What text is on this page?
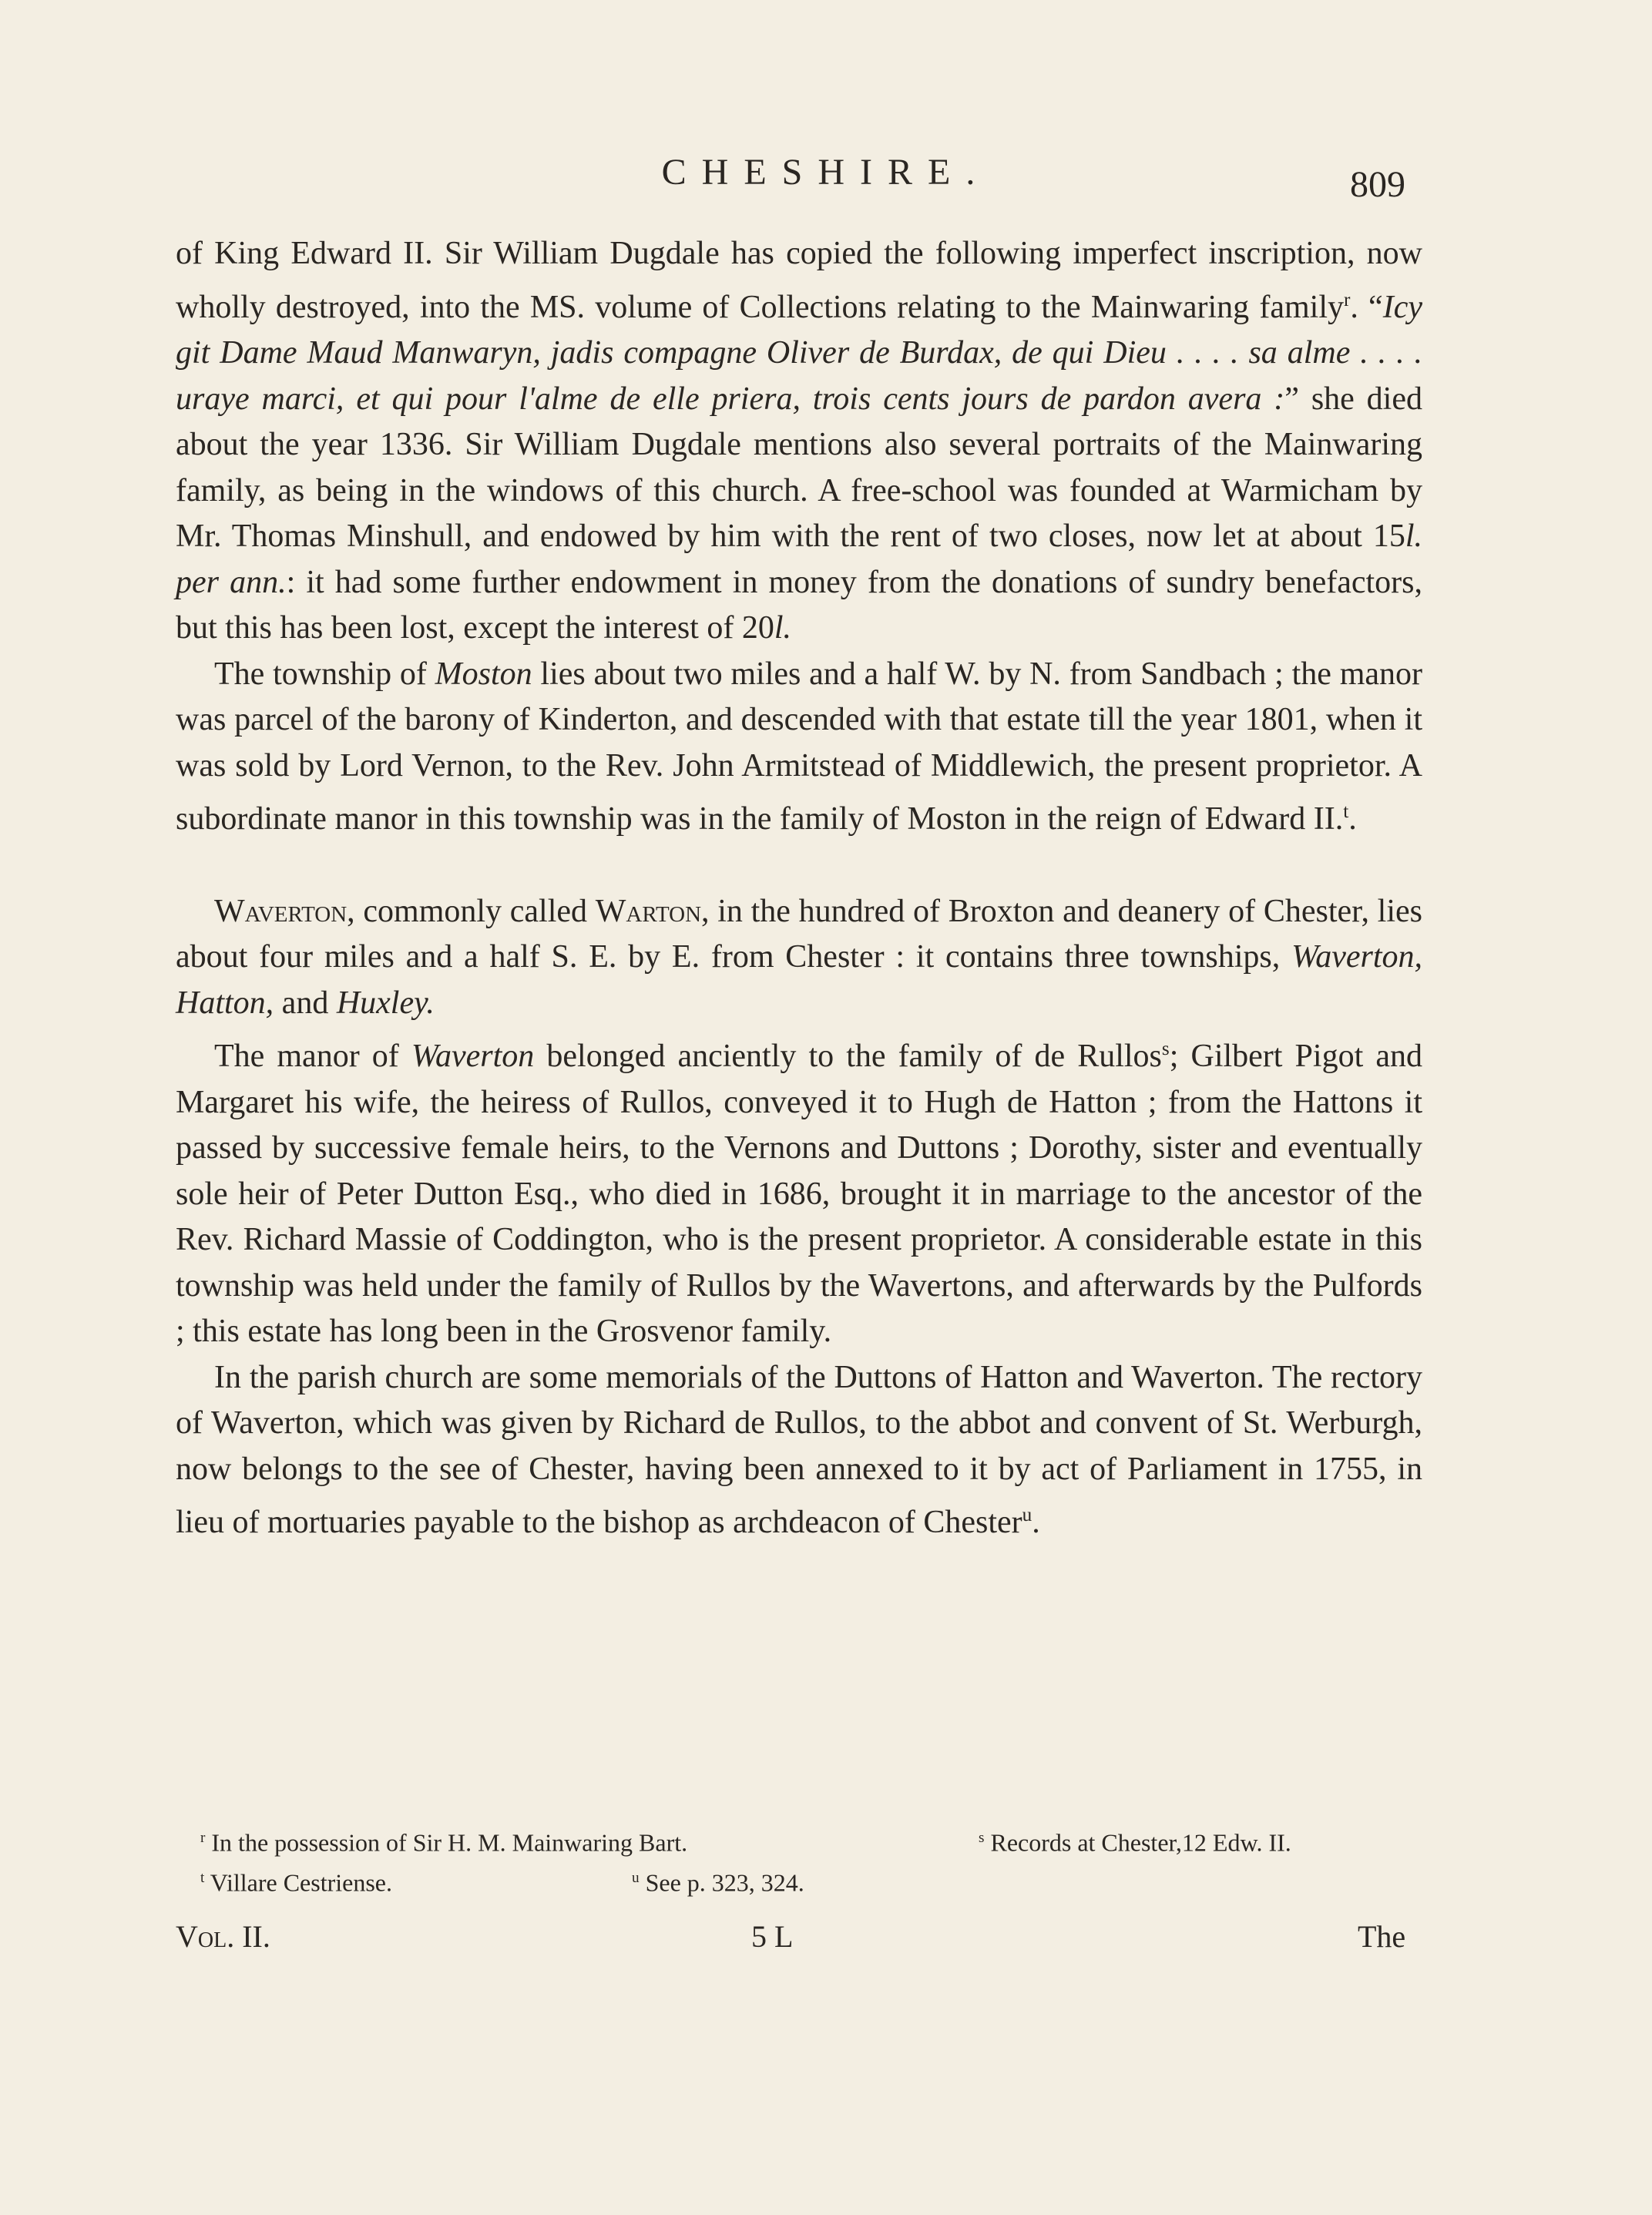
CHESHIRE.	809

of King Edward II. Sir William Dugdale has copied the following imperfect inscription, now wholly destroyed, into the MS. volume of Collections relating to the Mainwaring family$^r$. “Icy git Dame Maud Manwaryn, jadis compagne Oliver de Burdax, de qui Dieu . . . . sa alme . . . . uraye marci, et qui pour l'alme de elle priera, trois cents jours de pardon avera :” she died about the year 1336. Sir William Dugdale mentions also several portraits of the Mainwaring family, as being in the windows of this church. A free-school was founded at Warmicham by Mr. Thomas Minshull, and endowed by him with the rent of two closes, now let at about 15l. per ann.: it had some further endowment in money from the donations of sundry benefactors, but this has been lost, except the interest of 20l.

The township of Moston lies about two miles and a half W. by N. from Sandbach ; the manor was parcel of the barony of Kinderton, and descended with that estate till the year 1801, when it was sold by Lord Vernon, to the Rev. John Armitstead of Middlewich, the present proprietor. A subordinate manor in this township was in the family of Moston in the reign of Edward II.$^t$.

Waverton, commonly called Warton, in the hundred of Broxton and deanery of Chester, lies about four miles and a half S. E. by E. from Chester : it contains three townships, Waverton, Hatton, and Huxley.

The manor of Waverton belonged anciently to the family of de Rullos$^s$; Gilbert Pigot and Margaret his wife, the heiress of Rullos, conveyed it to Hugh de Hatton ; from the Hattons it passed by successive female heirs, to the Vernons and Duttons ; Dorothy, sister and eventually sole heir of Peter Dutton Esq., who died in 1686, brought it in marriage to the ancestor of the Rev. Richard Massie of Coddington, who is the present proprietor. A considerable estate in this township was held under the family of Rullos by the Wavertons, and afterwards by the Pulfords ; this estate has long been in the Grosvenor family.

In the parish church are some memorials of the Duttons of Hatton and Waverton. The rectory of Waverton, which was given by Richard de Rullos, to the abbot and convent of St. Werburgh, now belongs to the see of Chester, having been annexed to it by act of Parliament in 1755, in lieu of mortuaries payable to the bishop as archdeacon of Chester$^u$.

$^r$ In the possession of Sir H. M. Mainwaring Bart.	$^s$ Records at Chester,12 Edw. II.
$^t$ Villare Cestriense.	$^u$ See p. 323, 324.
Vol. II.	5 L	The
